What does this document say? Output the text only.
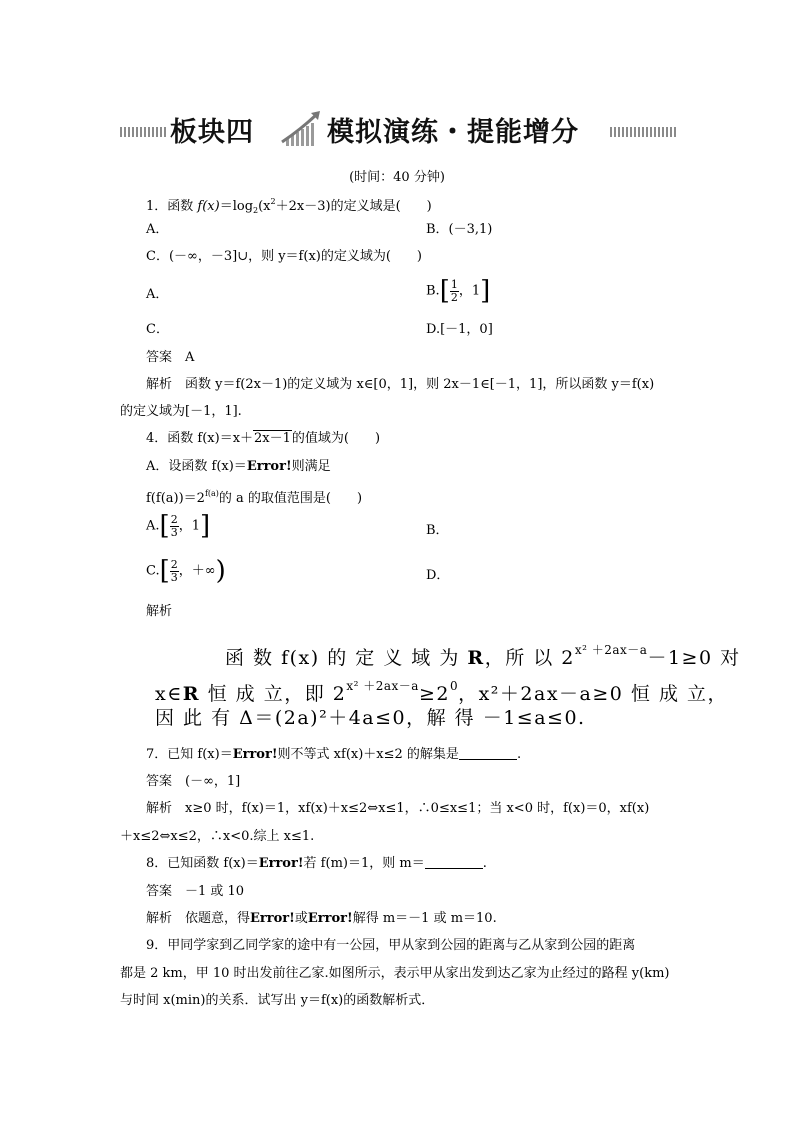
板块四	模拟演练・提能增分
(时间：40 分钟)
1．函数 $f(x)=\log_2(x^2+2x-3)$的定义域是(　　)
A．	B．(－3,1)
C．(－∞，－3]∪，则 y＝f(x)的定义域为(　　)
A．	$B.[ \frac{1}{2}$ ，1]
C．	D.[－1，0]
答案　A
解析　函数 y＝f(2x－1)的定义域为 x∈[0，1]，则 2x－1∈[－1，1]，所以函数 y＝f(x)
的定义域为[－1，1].
4．函数 f(x)＝x＋2x－1的值域为(　　)
A．设函数 f(x)＝Error!则满足
$f(f(a))=2^{f(a)}$的 a 的取值范围是(　　)
$A.[ \frac{2}{3}$ ，1]	B．
$C.[ \frac{2}{3}$ ，＋∞)	D．
解析
函 数 f(x) 的 定 义 域 为 R，所 以 $2^{x^2 +2ax-a}-1\ge 0$ 对
x∈R 恒 成 立，即 $2^{x^2 +2ax-a}\ge 2^0$，x²＋2ax－a≥0 恒 成 立，
因 此 有 Δ＝(2a)²＋4a≤0，解 得 －1≤a≤0.
7．已知 f(x)＝Error!则不等式 xf(x)＋x≤2 的解集是	.
答案　(－∞，1]
解析　x≥0 时，f(x)＝1，xf(x)＋x≤2⇔x≤1，∴0≤x≤1；当 x<0 时，f(x)＝0，xf(x)
＋x≤2⇔x≤2，∴x<0.综上 x≤1.
8．已知函数 f(x)＝Error!若 f(m)＝1，则 m＝	.
答案　－1 或 10
解析　依题意，得Error!或Error!解得 m＝－1 或 m＝10.
9．甲同学家到乙同学家的途中有一公园，甲从家到公园的距离与乙从家到公园的距离
都是 2 km，甲 10 时出发前往乙家.如图所示，表示甲从家出发到达乙家为止经过的路程 y(km)
与时间 x(min)的关系．试写出 y＝f(x)的函数解析式．
